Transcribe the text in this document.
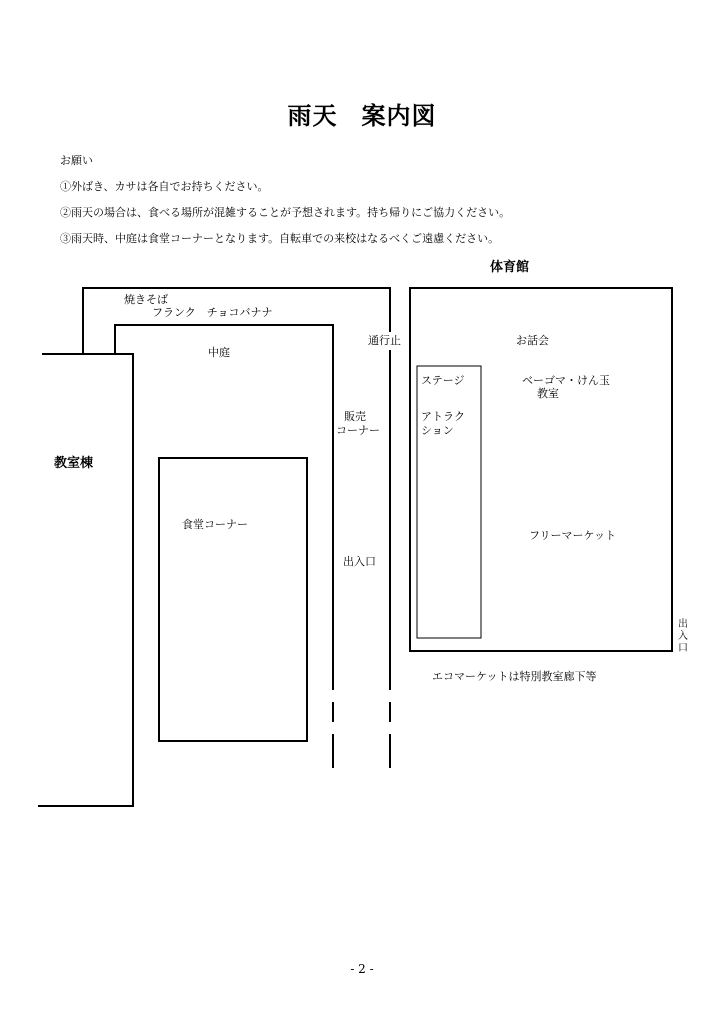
雨天 案内図
お願い
①外ばき、カサは各自でお持ちください。
②雨天の場合は、食べる場所が混雑することが予想されます。持ち帰りにご協力ください。
③雨天時、中庭は食堂コーナーとなります。自転車での来校はなるべくご遠慮ください。
体育館
教室棟
焼きそば
フランク　チョコバナナ
中庭
食堂コーナー
通行止
販売
コーナー
出入口
お話会
ステージ
アトラク
ション
ベーゴマ・けん玉
教室
フリーマーケット
出
入
口
エコマーケットは特別教室廊下等
- 2 -
